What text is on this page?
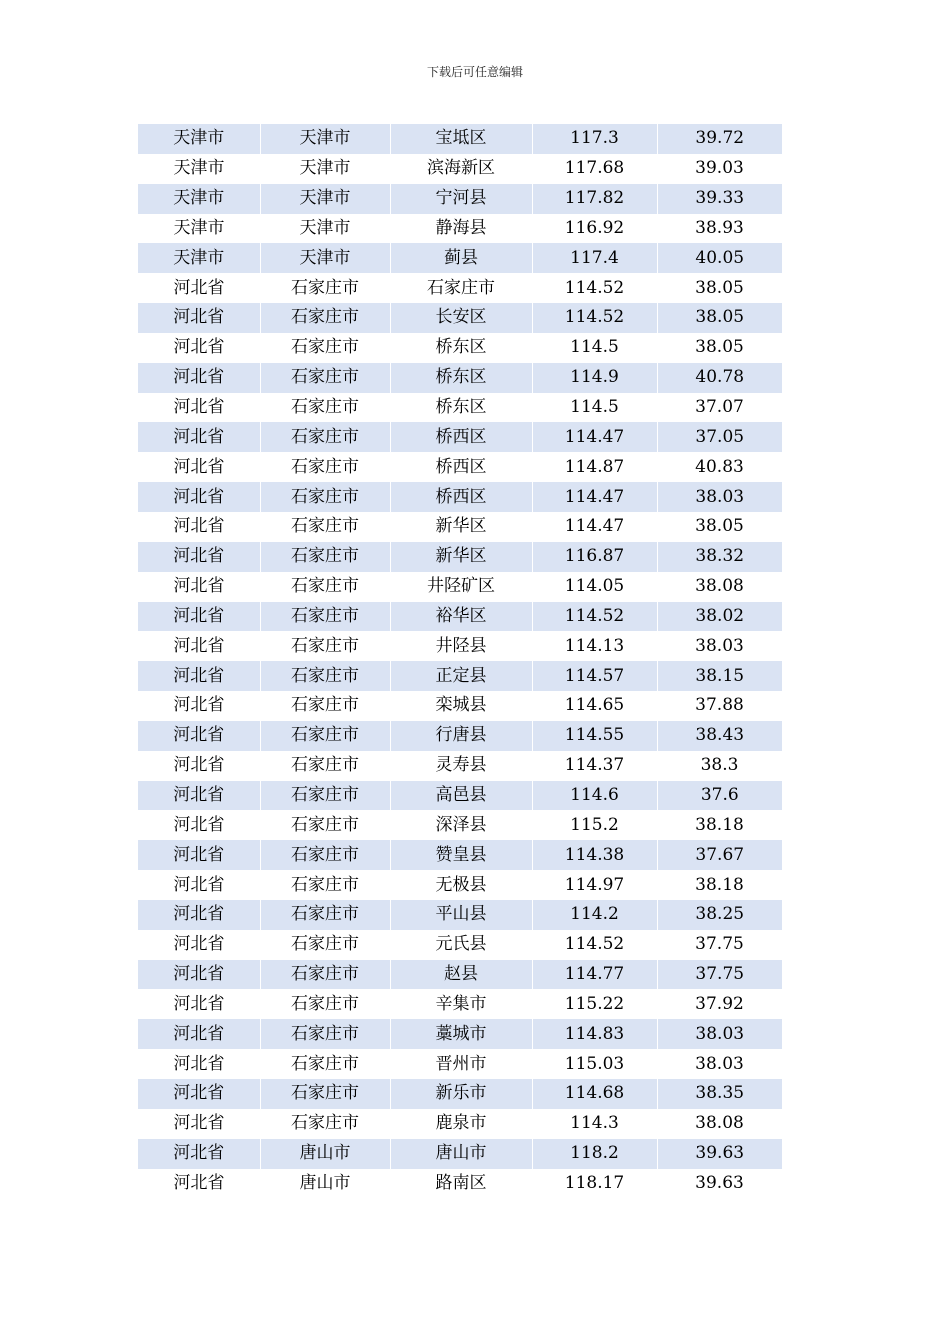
下载后可任意编辑
天津市	天津市	宝坻区	117.3	39.72
天津市	天津市	滨海新区	117.68	39.03
天津市	天津市	宁河县	117.82	39.33
天津市	天津市	静海县	116.92	38.93
天津市	天津市	蓟县	117.4	40.05
河北省	石家庄市	石家庄市	114.52	38.05
河北省	石家庄市	长安区	114.52	38.05
河北省	石家庄市	桥东区	114.5	38.05
河北省	石家庄市	桥东区	114.9	40.78
河北省	石家庄市	桥东区	114.5	37.07
河北省	石家庄市	桥西区	114.47	37.05
河北省	石家庄市	桥西区	114.87	40.83
河北省	石家庄市	桥西区	114.47	38.03
河北省	石家庄市	新华区	114.47	38.05
河北省	石家庄市	新华区	116.87	38.32
河北省	石家庄市	井陉矿区	114.05	38.08
河北省	石家庄市	裕华区	114.52	38.02
河北省	石家庄市	井陉县	114.13	38.03
河北省	石家庄市	正定县	114.57	38.15
河北省	石家庄市	栾城县	114.65	37.88
河北省	石家庄市	行唐县	114.55	38.43
河北省	石家庄市	灵寿县	114.37	38.3
河北省	石家庄市	高邑县	114.6	37.6
河北省	石家庄市	深泽县	115.2	38.18
河北省	石家庄市	赞皇县	114.38	37.67
河北省	石家庄市	无极县	114.97	38.18
河北省	石家庄市	平山县	114.2	38.25
河北省	石家庄市	元氏县	114.52	37.75
河北省	石家庄市	赵县	114.77	37.75
河北省	石家庄市	辛集市	115.22	37.92
河北省	石家庄市	藁城市	114.83	38.03
河北省	石家庄市	晋州市	115.03	38.03
河北省	石家庄市	新乐市	114.68	38.35
河北省	石家庄市	鹿泉市	114.3	38.08
河北省	唐山市	唐山市	118.2	39.63
河北省	唐山市	路南区	118.17	39.63
